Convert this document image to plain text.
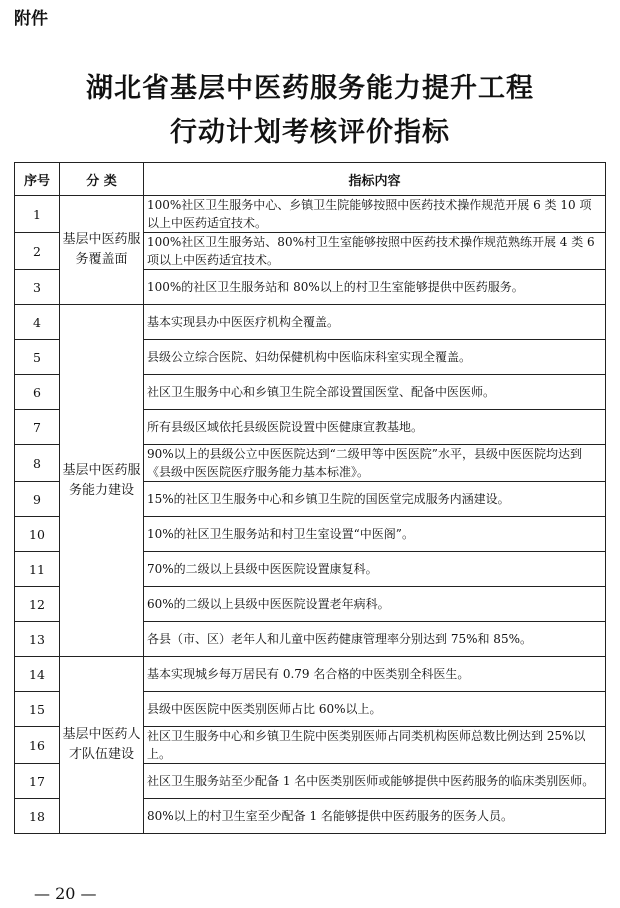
附件
湖北省基层中医药服务能力提升工程
行动计划考核评价指标
序号	分 类	指标内容
1	基层中医药服务覆盖面	100%社区卫生服务中心、乡镇卫生院能够按照中医药技术操作规范开展 6 类 10 项以上中医药适宜技术。
2		100%社区卫生服务站、80%村卫生室能够按照中医药技术操作规范熟练开展 4 类 6 项以上中医药适宜技术。
3		100%的社区卫生服务站和 80%以上的村卫生室能够提供中医药服务。
4	基层中医药服务能力建设	基本实现县办中医医疗机构全覆盖。
5		县级公立综合医院、妇幼保健机构中医临床科室实现全覆盖。
6		社区卫生服务中心和乡镇卫生院全部设置国医堂、配备中医医师。
7		所有县级区域依托县级医院设置中医健康宣教基地。
8		90%以上的县级公立中医医院达到“二级甲等中医医院”水平，县级中医医院均达到《县级中医医院医疗服务能力基本标准》。
9		15%的社区卫生服务中心和乡镇卫生院的国医堂完成服务内涵建设。
10		10%的社区卫生服务站和村卫生室设置“中医阁”。
11		70%的二级以上县级中医医院设置康复科。
12		60%的二级以上县级中医医院设置老年病科。
13		各县（市、区）老年人和儿童中医药健康管理率分别达到 75%和 85%。
14	基层中医药人才队伍建设	基本实现城乡每万居民有 0.79 名合格的中医类别全科医生。
15		县级中医医院中医类别医师占比 60%以上。
16		社区卫生服务中心和乡镇卫生院中医类别医师占同类机构医师总数比例达到 25%以上。
17		社区卫生服务站至少配备 1 名中医类别医师或能够提供中医药服务的临床类别医师。
18		80%以上的村卫生室至少配备 1 名能够提供中医药服务的医务人员。
— 20 —
